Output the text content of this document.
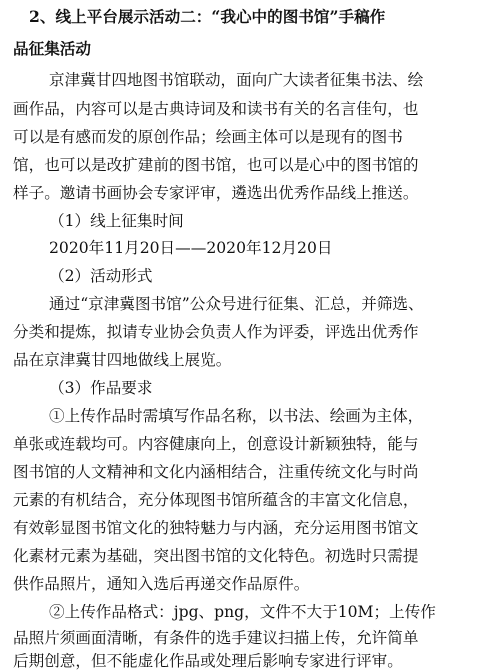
2、线上平台展示活动二：“我心中的图书馆”手稿作
品征集活动
京津冀甘四地图书馆联动，面向广大读者征集书法、绘
画作品，内容可以是古典诗词及和读书有关的名言佳句，也
可以是有感而发的原创作品；绘画主体可以是现有的图书
馆，也可以是改扩建前的图书馆，也可以是心中的图书馆的
样子。邀请书画协会专家评审，遴选出优秀作品线上推送。
（1）线上征集时间
2020年11月20日——2020年12月20日
（2）活动形式
通过“京津冀图书馆”公众号进行征集、汇总，并筛选、
分类和提炼，拟请专业协会负责人作为评委，评选出优秀作
品在京津冀甘四地做线上展览。
（3）作品要求
①上传作品时需填写作品名称，以书法、绘画为主体，
单张或连载均可。内容健康向上，创意设计新颖独特，能与
图书馆的人文精神和文化内涵相结合，注重传统文化与时尚
元素的有机结合，充分体现图书馆所蕴含的丰富文化信息，
有效彰显图书馆文化的独特魅力与内涵，充分运用图书馆文
化素材元素为基础，突出图书馆的文化特色。初选时只需提
供作品照片，通知入选后再递交作品原件。
②上传作品格式：jpg、png，文件不大于10M；上传作
品照片须画面清晰，有条件的选手建议扫描上传，允许简单
后期创意，但不能虚化作品或处理后影响专家进行评审。
